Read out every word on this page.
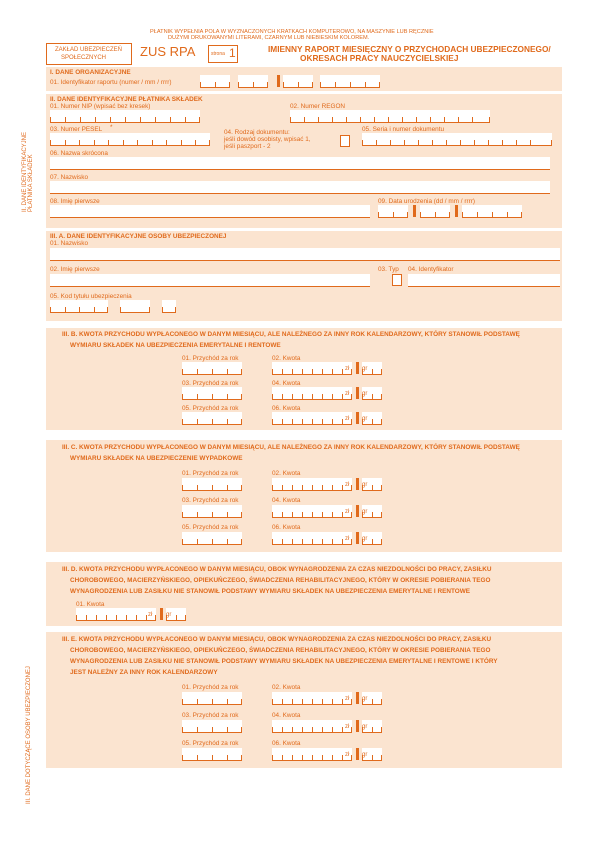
PŁATNIK WYPEŁNIA POLA W WYZNACZONYCH KRATKACH KOMPUTEROWO, NA MASZYNIE LUB RĘCZNIE
DUŻYMI DRUKOWANYMI LITERAMI, CZARNYM LUB NIEBIESKIM KOLOREM.
ZAKŁAD UBEZPIECZEŃ
SPOŁECZNYCH	ZUS RPA	strona 1	IMIENNY RAPORT MIESIĘCZNY O PRZYCHODACH UBEZPIECZONEGO/
OKRESACH PRACY NAUCZYCIELSKIEJ
I. DANE ORGANIZACYJNE
01. Identyfikator raportu (numer / mm / rrrr)
II. DANE IDENTYFIKACYJNE PŁATNIKA SKŁADEK
II. DANE IDENTYFIKACYJNE PŁATNIKA SKŁADEK
01. Numer NIP (wpisać bez kresek)	02. Numer REGON
03. Numer PESEL *
04. Rodzaj dokumentu:
jeśli dowód osobisty, wpisać 1,
jeśli paszport - 2
05. Seria i numer dokumentu
06. Nazwa skrócona
07. Nazwisko
08. Imię pierwsze	09. Data urodzenia (dd / mm / rrrr)
III. DANE DOTYCZĄCE OSOBY UBEZPIECZONEJ
III. A. DANE IDENTYFIKACYJNE OSOBY UBEZPIECZONEJ
01. Nazwisko
02. Imię pierwsze	03. Typ 04. Identyfikator
05. Kod tytułu ubezpieczenia
III. B. KWOTA PRZYCHODU WYPŁACONEGO W DANYM MIESIĄCU, ALE NALEŻNEGO ZA INNY ROK KALENDARZOWY, KTÓRY STANOWIŁ PODSTAWĘ
WYMIARU SKŁADEK NA UBEZPIECZENIA EMERYTALNE I RENTOWE
01. Przychód za rok	02. Kwota
zł gr
03. Przychód za rok	04. Kwota
zł gr
05. Przychód za rok	06. Kwota
zł gr
III. C. KWOTA PRZYCHODU WYPŁACONEGO W DANYM MIESIĄCU, ALE NALEŻNEGO ZA INNY ROK KALENDARZOWY, KTÓRY STANOWIŁ PODSTAWĘ
WYMIARU SKŁADEK NA UBEZPIECZENIE WYPADKOWE
01. Przychód za rok	02. Kwota
zł gr
03. Przychód za rok	04. Kwota
zł gr
05. Przychód za rok	06. Kwota
zł gr
III. D. KWOTA PRZYCHODU WYPŁACONEGO W DANYM MIESIĄCU, OBOK WYNAGRODZENIA ZA CZAS NIEZDOLNOŚCI DO PRACY, ZASIŁKU
CHOROBOWEGO, MACIERZYŃSKIEGO, OPIEKUŃCZEGO, ŚWIADCZENIA REHABILITACYJNEGO, KTÓRY W OKRESIE POBIERANIA TEGO
WYNAGRODZENIA LUB ZASIŁKU NIE STANOWIŁ PODSTAWY WYMIARU SKŁADEK NA UBEZPIECZENIA EMERYTALNE I RENTOWE
01. Kwota
zł gr
III. E. KWOTA PRZYCHODU WYPŁACONEGO W DANYM MIESIĄCU, OBOK WYNAGRODZENIA ZA CZAS NIEZDOLNOŚCI DO PRACY, ZASIŁKU
CHOROBOWEGO, MACIERZYŃSKIEGO, OPIEKUŃCZEGO, ŚWIADCZENIA REHABILITACYJNEGO, KTÓRY W OKRESIE POBIERANIA TEGO
WYNAGRODZENIA LUB ZASIŁKU NIE STANOWIŁ PODSTAWY WYMIARU SKŁADEK NA UBEZPIECZENIA EMERYTALNE I RENTOWE I KTÓRY
JEST NALEŻNY ZA INNY ROK KALENDARZOWY
01. Przychód za rok	02. Kwota
zł gr
03. Przychód za rok	04. Kwota
zł gr
05. Przychód za rok	06. Kwota
zł gr
